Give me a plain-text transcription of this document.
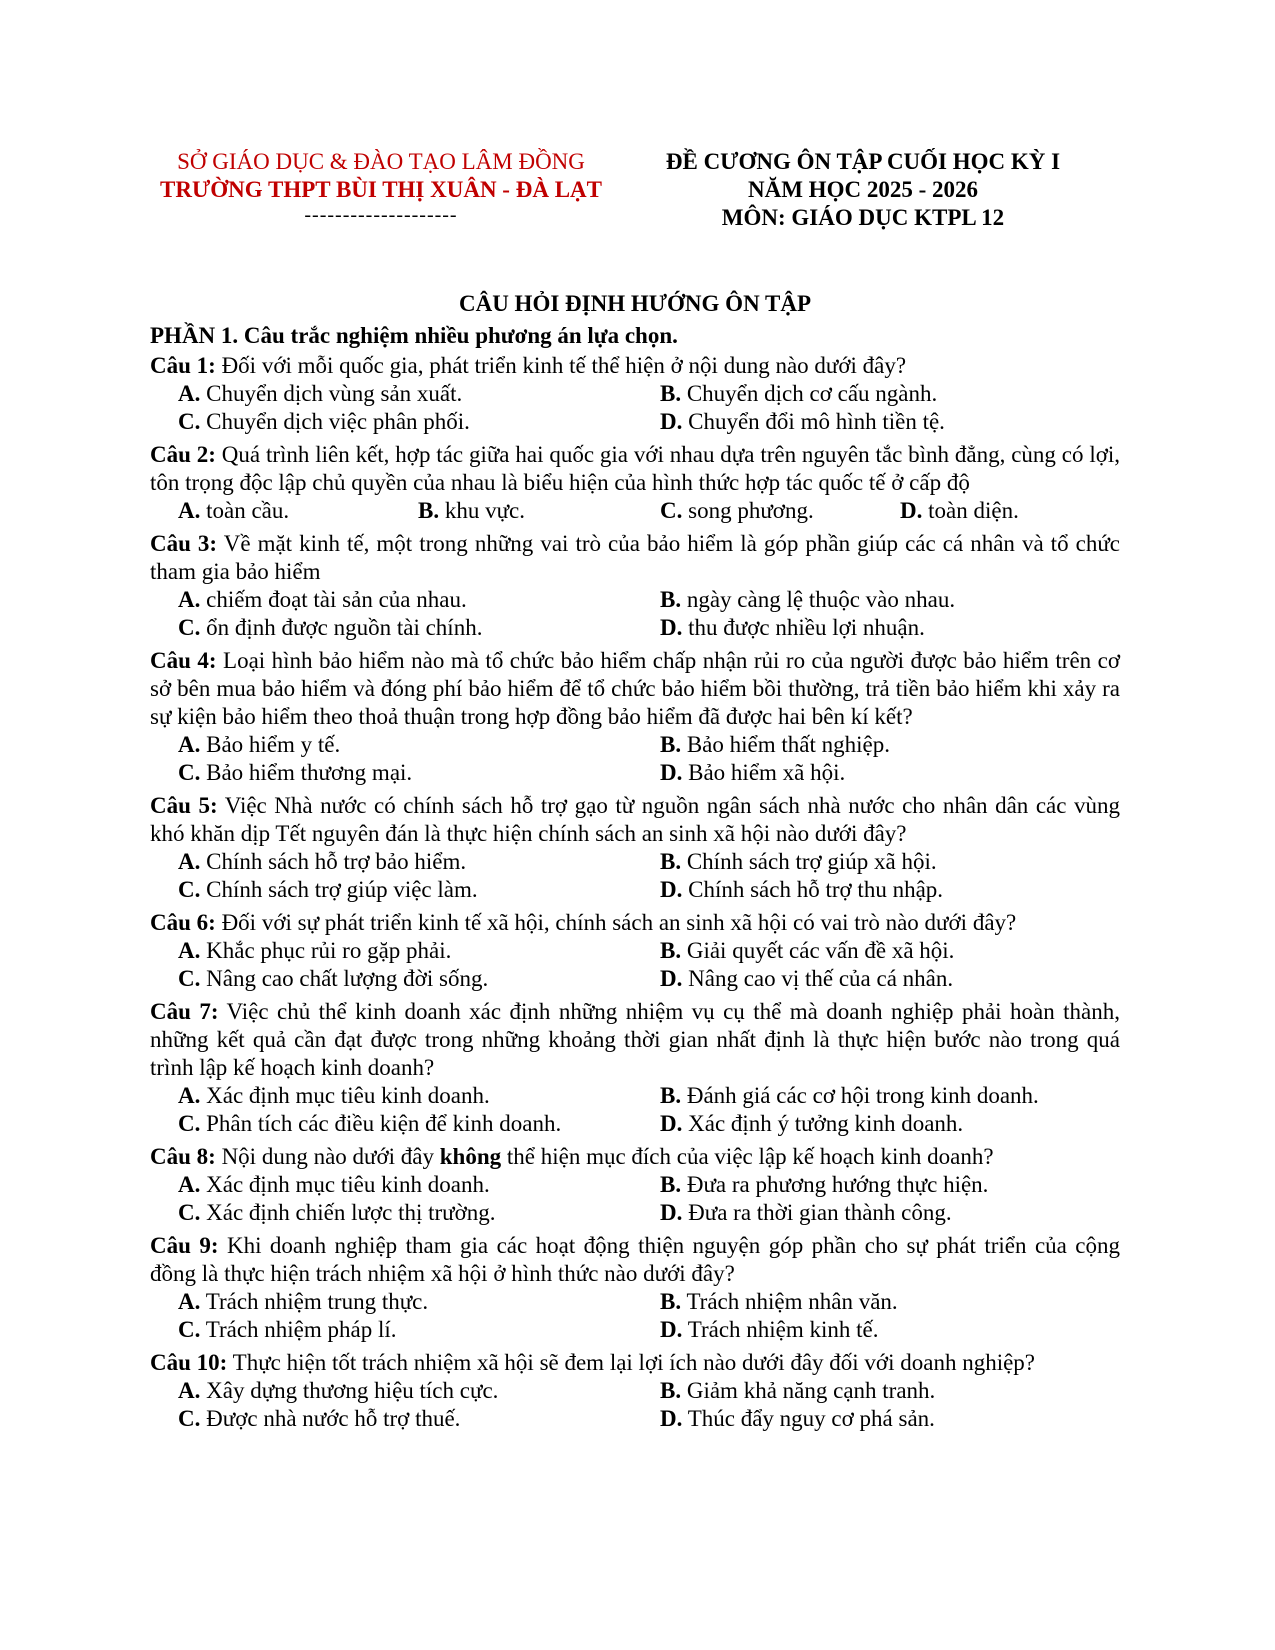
SỞ GIÁO DỤC & ĐÀO TẠO LÂM ĐỒNG
TRƯỜNG THPT BÙI THỊ XUÂN - ĐÀ LẠT
--------------------
ĐỀ CƯƠNG ÔN TẬP CUỐI HỌC KỲ I
NĂM HỌC 2025 - 2026
MÔN: GIÁO DỤC KTPL 12
CÂU HỎI ĐỊNH HƯỚNG ÔN TẬP
PHẦN 1. Câu trắc nghiệm nhiều phương án lựa chọn.
Câu 1: Đối với mỗi quốc gia, phát triển kinh tế thể hiện ở nội dung nào dưới đây?
A. Chuyển dịch vùng sản xuất.	B. Chuyển dịch cơ cấu ngành.
C. Chuyển dịch việc phân phối.	D. Chuyển đổi mô hình tiền tệ.
Câu 2: Quá trình liên kết, hợp tác giữa hai quốc gia với nhau dựa trên nguyên tắc bình đẳng, cùng có lợi, tôn trọng độc lập chủ quyền của nhau là biểu hiện của hình thức hợp tác quốc tế ở cấp độ
A. toàn cầu.	B. khu vực.	C. song phương.	D. toàn diện.
Câu 3: Về mặt kinh tế, một trong những vai trò của bảo hiểm là góp phần giúp các cá nhân và tổ chức tham gia bảo hiểm
A. chiếm đoạt tài sản của nhau.	B. ngày càng lệ thuộc vào nhau.
C. ổn định được nguồn tài chính.	D. thu được nhiều lợi nhuận.
Câu 4: Loại hình bảo hiểm nào mà tổ chức bảo hiểm chấp nhận rủi ro của người được bảo hiểm trên cơ sở bên mua bảo hiểm và đóng phí bảo hiểm để tổ chức bảo hiểm bồi thường, trả tiền bảo hiểm khi xảy ra sự kiện bảo hiểm theo thoả thuận trong hợp đồng bảo hiểm đã được hai bên kí kết?
A. Bảo hiểm y tế.	B. Bảo hiểm thất nghiệp.
C. Bảo hiểm thương mại.	D. Bảo hiểm xã hội.
Câu 5: Việc Nhà nước có chính sách hỗ trợ gạo từ nguồn ngân sách nhà nước cho nhân dân các vùng khó khăn dịp Tết nguyên đán là thực hiện chính sách an sinh xã hội nào dưới đây?
A. Chính sách hỗ trợ bảo hiểm.	B. Chính sách trợ giúp xã hội.
C. Chính sách trợ giúp việc làm.	D. Chính sách hỗ trợ thu nhập.
Câu 6: Đối với sự phát triển kinh tế xã hội, chính sách an sinh xã hội có vai trò nào dưới đây?
A. Khắc phục rủi ro gặp phải.	B. Giải quyết các vấn đề xã hội.
C. Nâng cao chất lượng đời sống.	D. Nâng cao vị thế của cá nhân.
Câu 7: Việc chủ thể kinh doanh xác định những nhiệm vụ cụ thể mà doanh nghiệp phải hoàn thành, những kết quả cần đạt được trong những khoảng thời gian nhất định là thực hiện bước nào trong quá trình lập kế hoạch kinh doanh?
A. Xác định mục tiêu kinh doanh.	B. Đánh giá các cơ hội trong kinh doanh.
C. Phân tích các điều kiện để kinh doanh.	D. Xác định ý tưởng kinh doanh.
Câu 8: Nội dung nào dưới đây không thể hiện mục đích của việc lập kế hoạch kinh doanh?
A. Xác định mục tiêu kinh doanh.	B. Đưa ra phương hướng thực hiện.
C. Xác định chiến lược thị trường.	D. Đưa ra thời gian thành công.
Câu 9: Khi doanh nghiệp tham gia các hoạt động thiện nguyện góp phần cho sự phát triển của cộng đồng là thực hiện trách nhiệm xã hội ở hình thức nào dưới đây?
A. Trách nhiệm trung thực.	B. Trách nhiệm nhân văn.
C. Trách nhiệm pháp lí.	D. Trách nhiệm kinh tế.
Câu 10: Thực hiện tốt trách nhiệm xã hội sẽ đem lại lợi ích nào dưới đây đối với doanh nghiệp?
A. Xây dựng thương hiệu tích cực.	B. Giảm khả năng cạnh tranh.
C. Được nhà nước hỗ trợ thuế.	D. Thúc đẩy nguy cơ phá sản.
